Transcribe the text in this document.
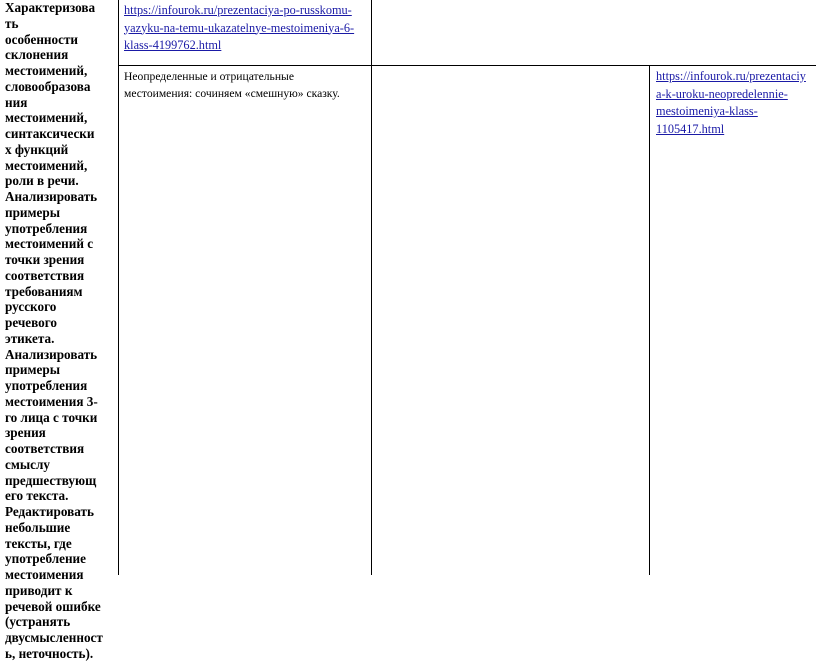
Характеризова
ть
особенности
склонения
местоимений,
словообразова
ния
местоимений,
синтаксически
х функций
местоимений,
роли в речи.
Анализировать
примеры
употребления
местоимений с
точки зрения
соответствия
требованиям
русского
речевого
этикета.
Анализировать
примеры
употребления
местоимения 3-
го лица с точки
зрения
соответствия
смыслу
предшествующ
его текста.
Редактировать
небольшие
тексты, где
употребление
местоимения
приводит к
речевой ошибке
(устранять
двусмысленност
ь, неточность).
https://infourok.ru/prezentaciya-po-russkomu-
yazyku-na-temu-ukazatelnye-mestoimeniya-6-
klass-4199762.html
Неопределенные и отрицательные
местоимения: сочиняем «смешную» сказку.
https://infourok.ru/prezentaciy
a-k-uroku-neopredelennie-
mestoimeniya-klass-
1105417.html
